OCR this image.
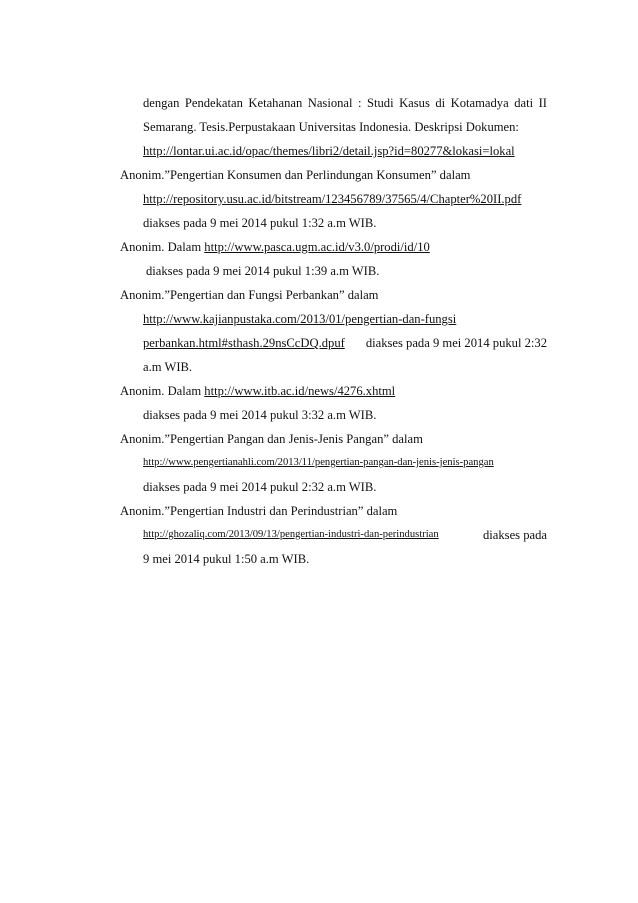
dengan Pendekatan Ketahanan Nasional : Studi Kasus di Kotamadya dati II
Semarang. Tesis.Perpustakaan Universitas Indonesia. Deskripsi Dokumen:
http://lontar.ui.ac.id/opac/themes/libri2/detail.jsp?id=80277&lokasi=lokal
Anonim.”Pengertian Konsumen dan Perlindungan Konsumen” dalam
http://repository.usu.ac.id/bitstream/123456789/37565/4/Chapter%20II.pdf
diakses pada 9 mei 2014 pukul 1:32 a.m WIB.
Anonim. Dalam http://www.pasca.ugm.ac.id/v3.0/prodi/id/10
diakses pada 9 mei 2014 pukul 1:39 a.m WIB.
Anonim.”Pengertian dan Fungsi Perbankan” dalam
http://www.kajianpustaka.com/2013/01/pengertian-dan-fungsi
perbankan.html#sthash.29nsCcDQ.dpuf diakses pada 9 mei 2014 pukul 2:32
a.m WIB.
Anonim. Dalam http://www.itb.ac.id/news/4276.xhtml
diakses pada 9 mei 2014 pukul 3:32 a.m WIB.
Anonim.”Pengertian Pangan dan Jenis-Jenis Pangan” dalam
http://www.pengertianahli.com/2013/11/pengertian-pangan-dan-jenis-jenis-pangan
diakses pada 9 mei 2014 pukul 2:32 a.m WIB.
Anonim.”Pengertian Industri dan Perindustrian” dalam
http://ghozaliq.com/2013/09/13/pengertian-industri-dan-perindustrian	diakses pada
9 mei 2014 pukul 1:50 a.m WIB.
